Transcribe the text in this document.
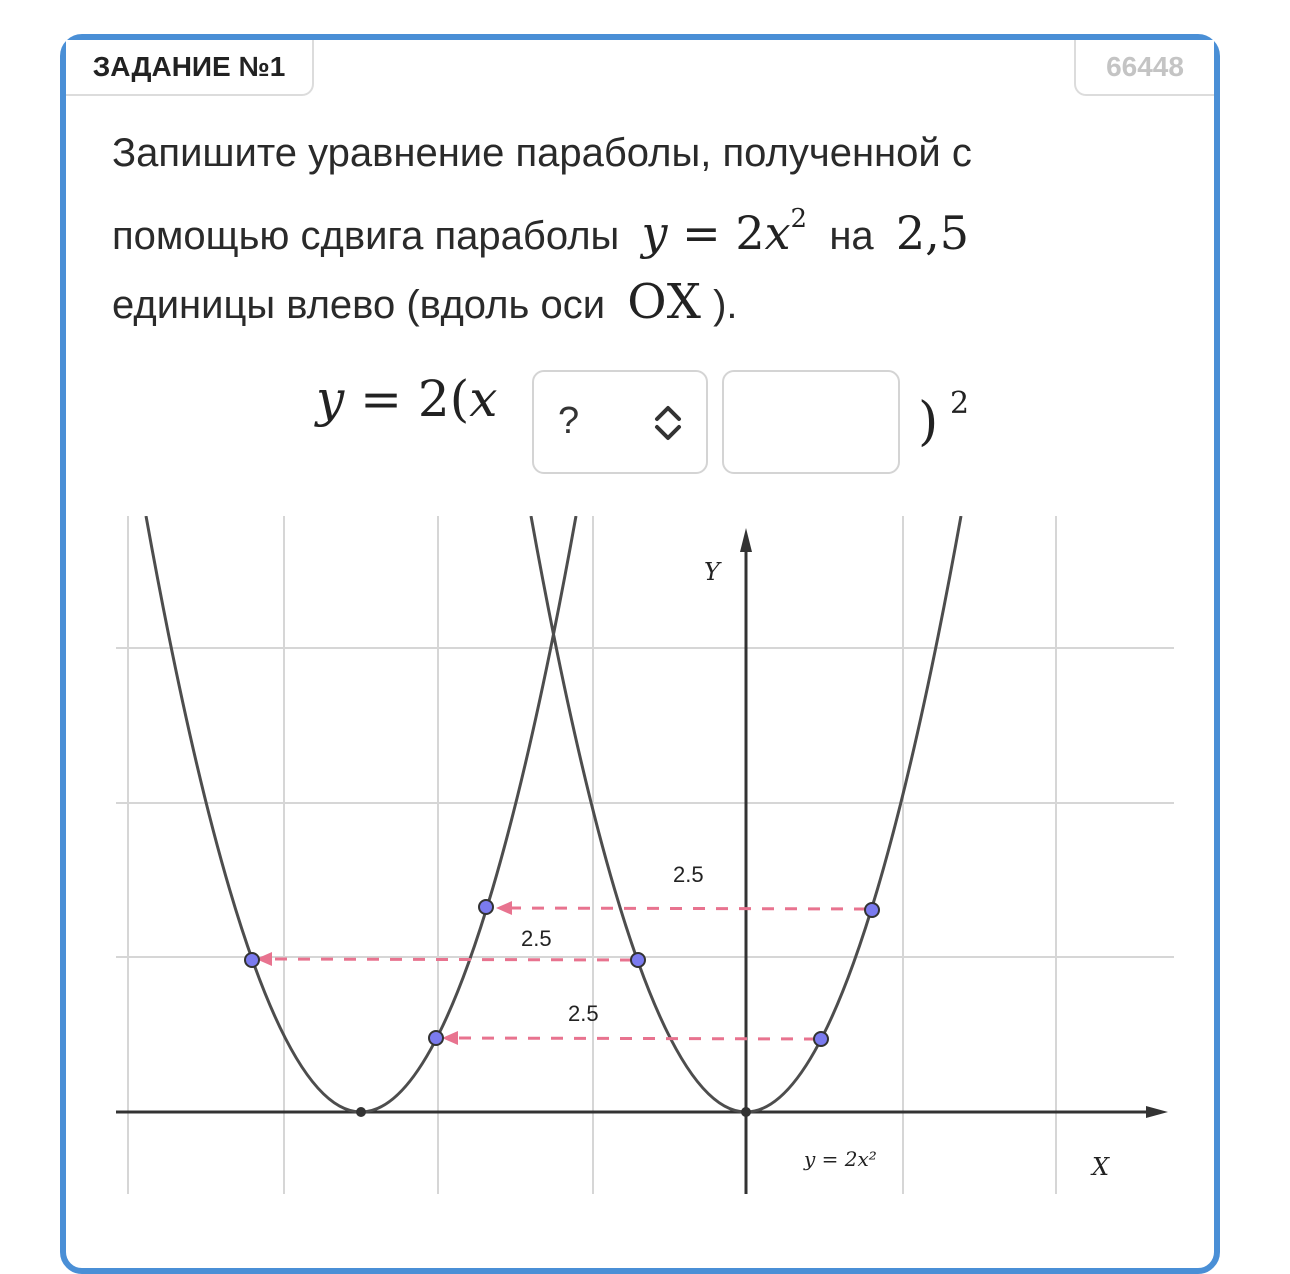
ЗАДАНИЕ №1	66448
Запишите уравнение параболы, полученной с
помощью сдвига параболы $y = 2x^2$ на 2,5
единицы влево (вдоль оси OX ).
y = 2(x ?	) 2
2.5
2.5
2.5
Y
X
y = 2x²
